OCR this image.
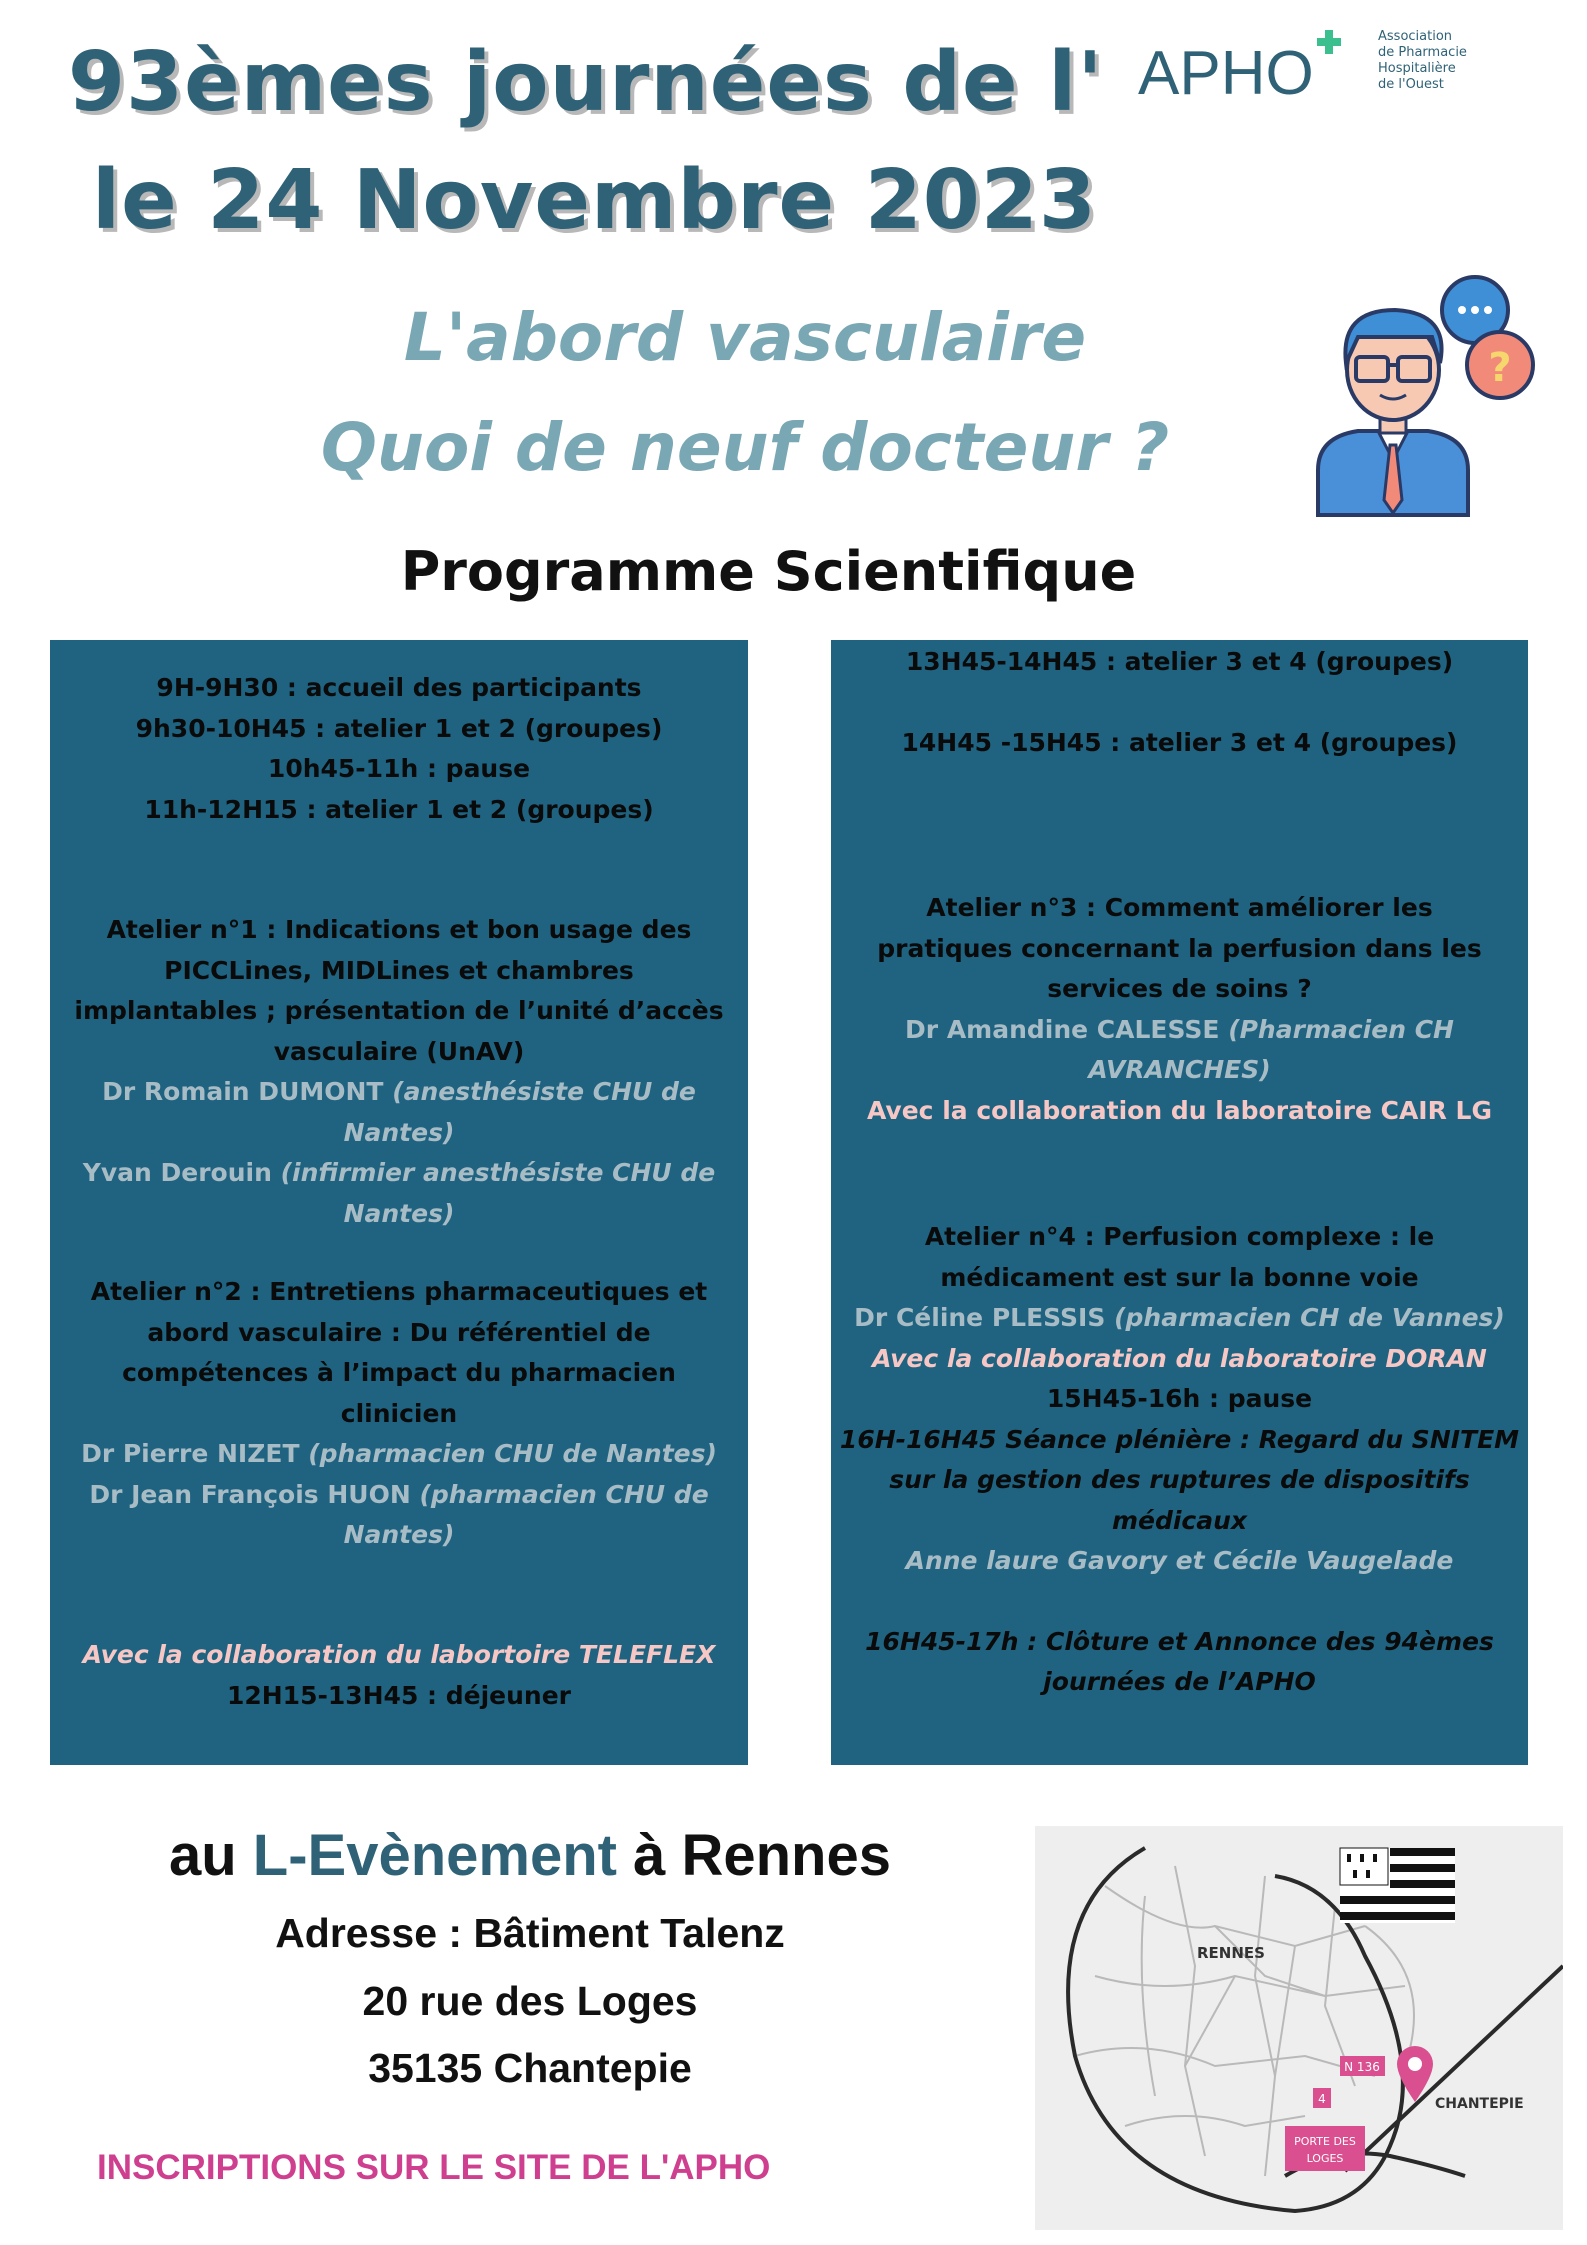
93èmes journées de l'
le 24 Novembre 2023
APHO
Association
de Pharmacie
Hospitalière
de l'Ouest
L'abord vasculaire
Quoi de neuf docteur ?
?
Programme Scientifique
9H-9H30 : accueil des participants
9h30-10H45 : atelier 1 et 2 (groupes)
10h45-11h : pause
11h-12H15 : atelier 1 et 2 (groupes)
Atelier n°1 : Indications et bon usage des
PICCLines, MIDLines et chambres
implantables ; présentation de l’unité d’accès
vasculaire (UnAV)
Dr Romain DUMONT (anesthésiste CHU de
Nantes)
Yvan Derouin (infirmier anesthésiste CHU de
Nantes)
Atelier n°2 : Entretiens pharmaceutiques et
abord vasculaire : Du référentiel de
compétences à l’impact du pharmacien
clinicien
Dr Pierre NIZET (pharmacien CHU de Nantes)
Dr Jean François HUON (pharmacien CHU de
Nantes)
Avec la collaboration du labortoire TELEFLEX
12H15-13H45 : déjeuner
13H45-14H45 : atelier 3 et 4 (groupes)
14H45 -15H45 : atelier 3 et 4 (groupes)
Atelier n°3 : Comment améliorer les
pratiques concernant la perfusion dans les
services de soins ?
Dr Amandine CALESSE (Pharmacien CH
AVRANCHES)
Avec la collaboration du laboratoire CAIR LG
Atelier n°4 : Perfusion complexe : le
médicament est sur la bonne voie
Dr Céline PLESSIS (pharmacien CH de Vannes)
Avec la collaboration du laboratoire DORAN
15H45-16h : pause
16H-16H45 Séance plénière : Regard du SNITEM
sur la gestion des ruptures de dispositifs
médicaux
Anne laure Gavory et Cécile Vaugelade
16H45-17h : Clôture et Annonce des 94èmes
journées de l’APHO
au L-Evènement à Rennes
Adresse : Bâtiment Talenz
20 rue des Loges
35135 Chantepie
INSCRIPTIONS SUR LE SITE DE L'APHO
RENNES
N 136
4
PORTE DES
LOGES
CHANTEPIE
